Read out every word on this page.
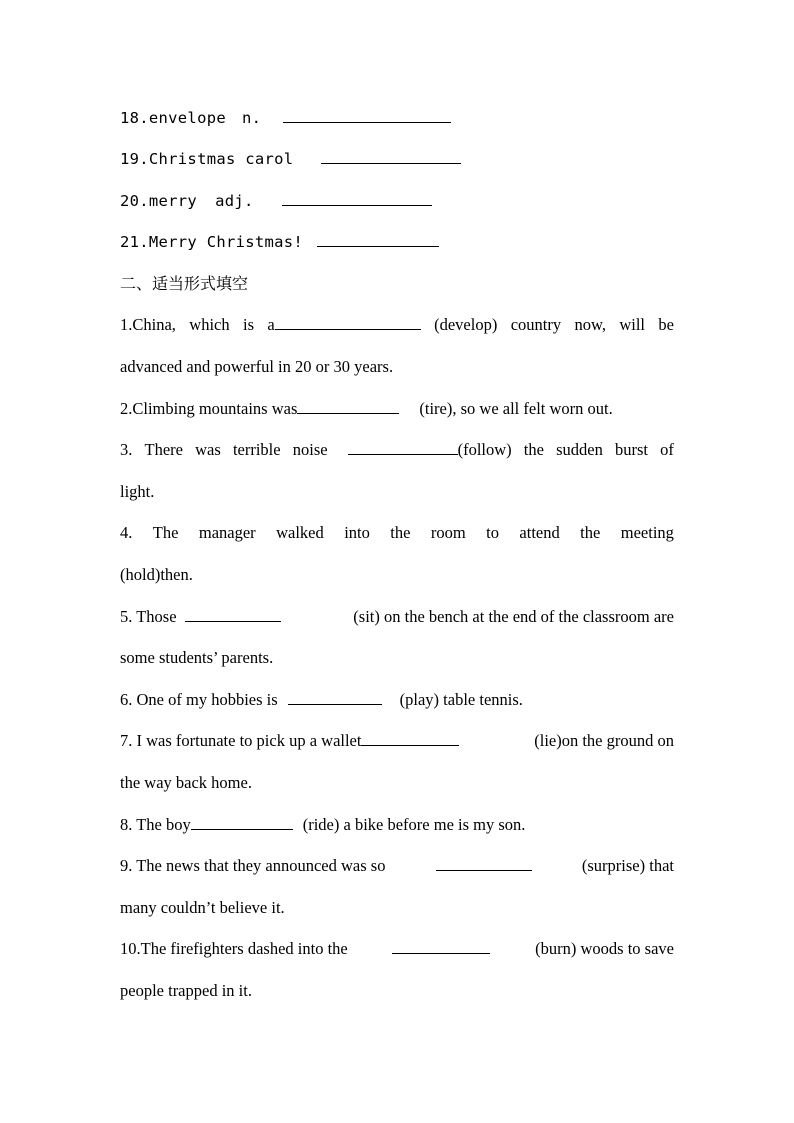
18.envelope n.
19.Christmas carol
20.merry adj.
21.Merry Christmas!
二、适当形式填空
1.China, which is a	(develop) country now, will be
advanced and powerful in 20 or 30 years.
2.Climbing mountains was	(tire), so we all felt worn out.
3. There was terrible noise	(follow) the sudden burst of
light.
4. The manager walked into the room to attend the meeting
(hold)then.
5. Those	(sit) on the bench at the end of the classroom are
some students’ parents.
6. One of my hobbies is	(play) table tennis.
7. I was fortunate to pick up a wallet	(lie)on the ground on
the way back home.
8. The boy	(ride) a bike before me is my son.
9. The news that they announced was so	(surprise) that
many couldn’t believe it.
10.The firefighters dashed into the	(burn) woods to save
people trapped in it.
